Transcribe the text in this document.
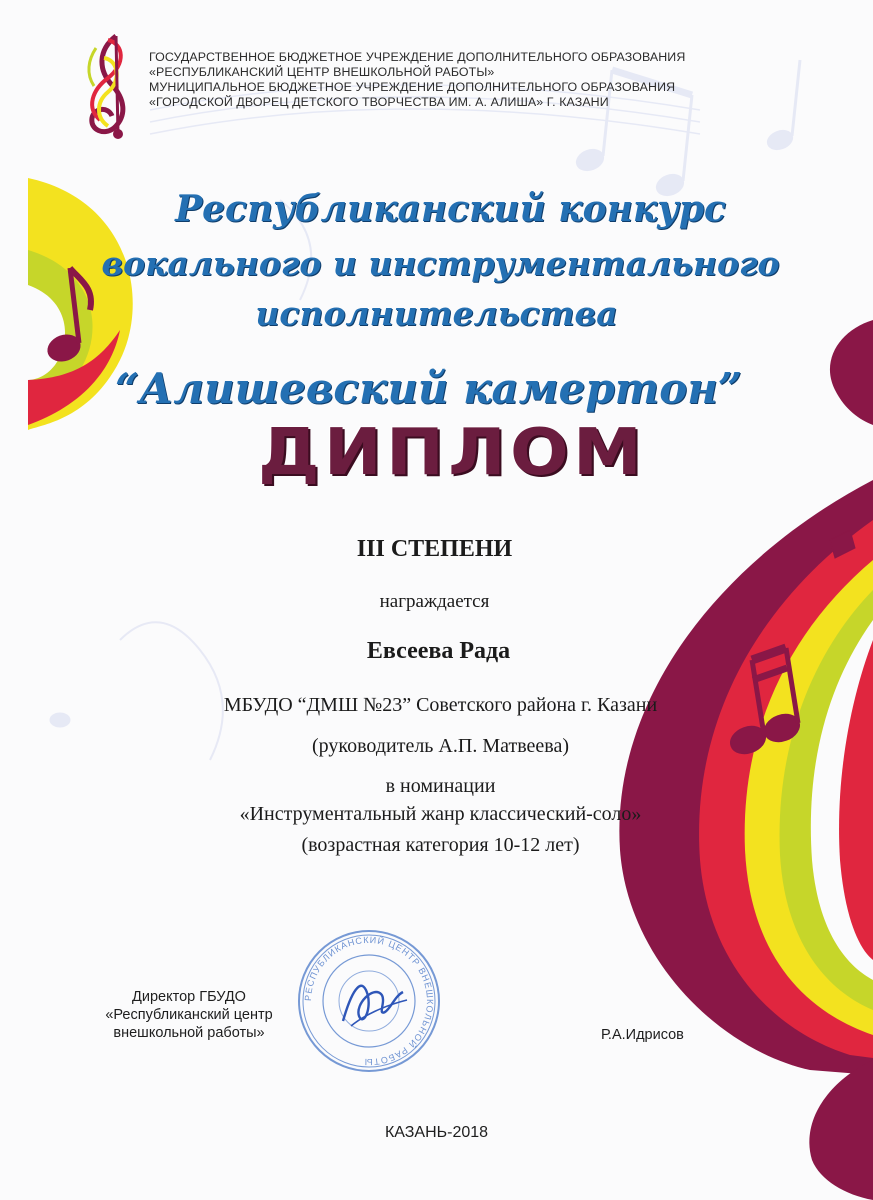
ГОСУДАРСТВЕННОЕ БЮДЖЕТНОЕ УЧРЕЖДЕНИЕ ДОПОЛНИТЕЛЬНОГО ОБРАЗОВАНИЯ
«РЕСПУБЛИКАНСКИЙ ЦЕНТР ВНЕШКОЛЬНОЙ РАБОТЫ»
МУНИЦИПАЛЬНОЕ БЮДЖЕТНОЕ УЧРЕЖДЕНИЕ ДОПОЛНИТЕЛЬНОГО ОБРАЗОВАНИЯ
«ГОРОДСКОЙ ДВОРЕЦ ДЕТСКОГО ТВОРЧЕСТВА ИМ. А. АЛИША» Г. КАЗАНИ
Республиканский конкурс
вокального и инструментального
исполнительства
“Алишевский камертон”
ДИПЛОМ
III СТЕПЕНИ
награждается
Евсеева Рада
МБУДО “ДМШ №23” Советского района г. Казани
(руководитель А.П. Матвеева)
в номинации
«Инструментальный жанр классический-соло»
(возрастная категория 10-12 лет)
Директор ГБУДО
«Республиканский центр
внешкольной работы»
РЕСПУБЛИКАНСКИЙ ЦЕНТР ВНЕШКОЛЬНОЙ РАБОТЫ
Р.А.Идрисов
КАЗАНЬ-2018
